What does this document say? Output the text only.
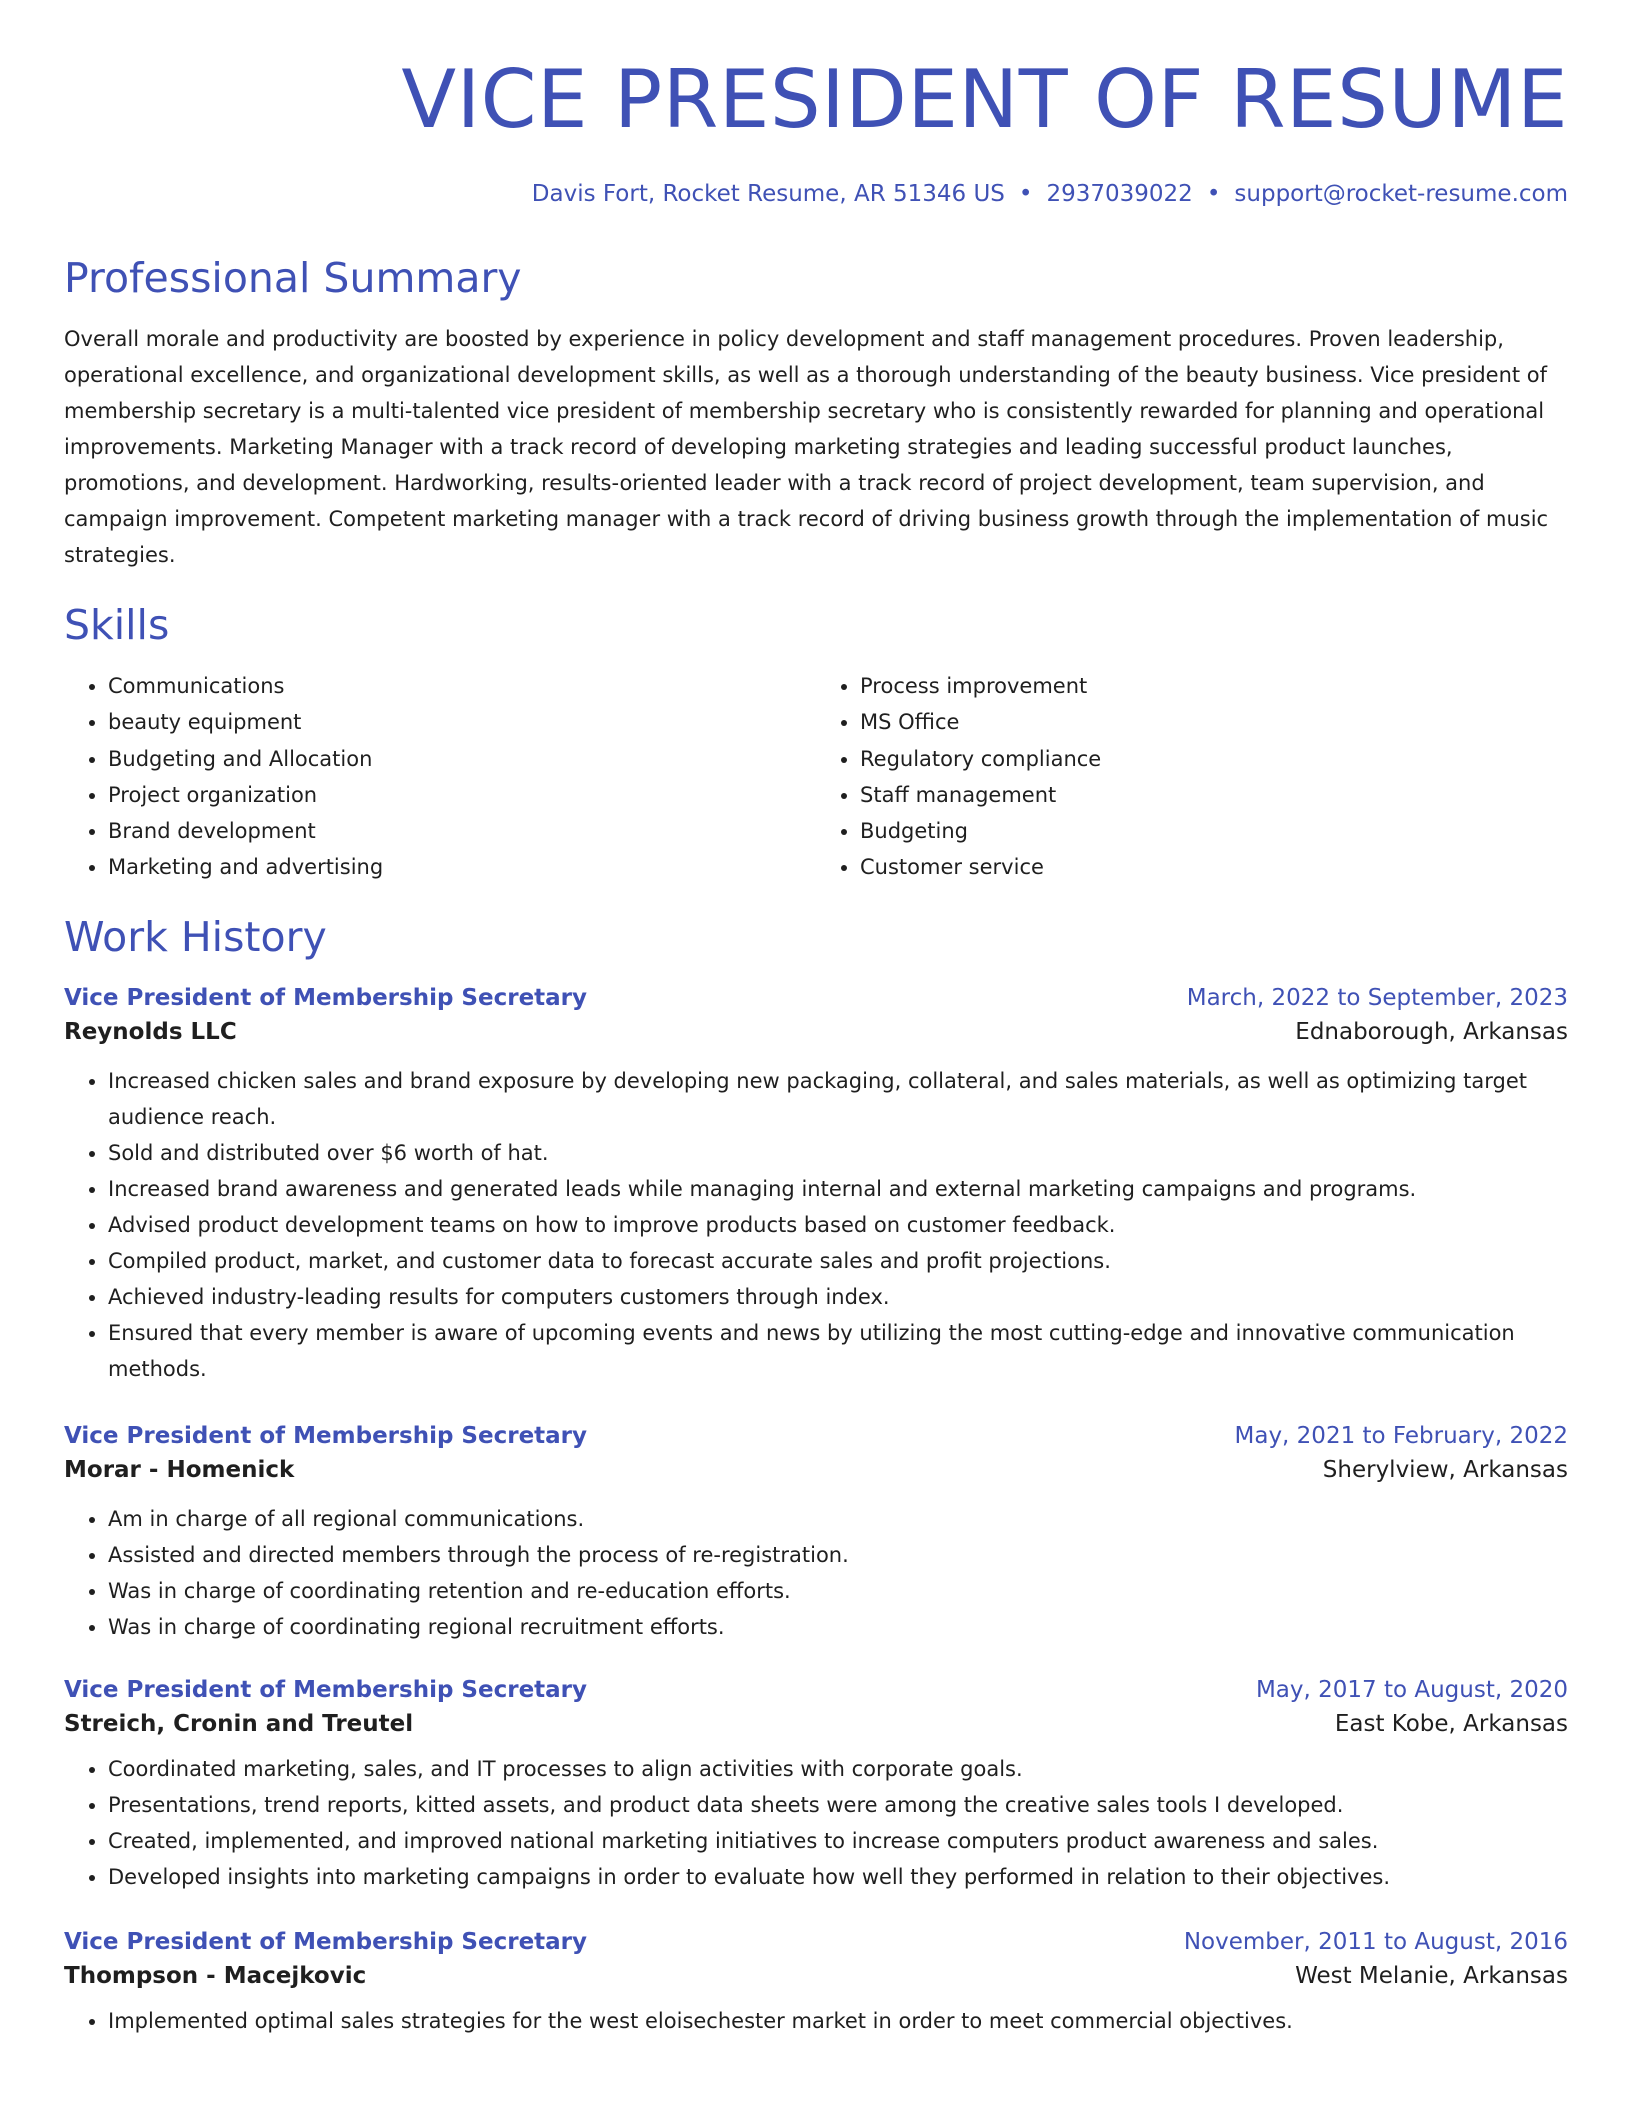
VICE PRESIDENT OF RESUME
Davis Fort, Rocket Resume, AR 51346 US • 2937039022 • support@rocket-resume.com
Professional Summary

Overall morale and productivity are boosted by experience in policy development and staff management procedures. Proven leadership, operational excellence, and organizational development skills, as well as a thorough understanding of the beauty business. Vice president of membership secretary is a multi-talented vice president of membership secretary who is consistently rewarded for planning and operational improvements. Marketing Manager with a track record of developing marketing strategies and leading successful product launches, promotions, and development. Hardworking, results-oriented leader with a track record of project development, team supervision, and campaign improvement. Competent marketing manager with a track record of driving business growth through the implementation of music strategies.

Skills
• Communications
• beauty equipment
• Budgeting and Allocation
• Project organization
• Brand development
• Marketing and advertising
• Process improvement
• MS Office
• Regulatory compliance
• Staff management
• Budgeting
• Customer service
Work History
Vice President of Membership Secretary	March, 2022 to September, 2023
Reynolds LLC	Ednaborough, Arkansas
• Increased chicken sales and brand exposure by developing new packaging, collateral, and sales materials, as well as optimizing target audience reach.
• Sold and distributed over $6 worth of hat.
• Increased brand awareness and generated leads while managing internal and external marketing campaigns and programs.
• Advised product development teams on how to improve products based on customer feedback.
• Compiled product, market, and customer data to forecast accurate sales and profit projections.
• Achieved industry-leading results for computers customers through index.
• Ensured that every member is aware of upcoming events and news by utilizing the most cutting-edge and innovative communication methods.
Vice President of Membership Secretary	May, 2021 to February, 2022
Morar - Homenick	Sherylview, Arkansas
• Am in charge of all regional communications.
• Assisted and directed members through the process of re-registration.
• Was in charge of coordinating retention and re-education efforts.
• Was in charge of coordinating regional recruitment efforts.
Vice President of Membership Secretary	May, 2017 to August, 2020
Streich, Cronin and Treutel	East Kobe, Arkansas
• Coordinated marketing, sales, and IT processes to align activities with corporate goals.
• Presentations, trend reports, kitted assets, and product data sheets were among the creative sales tools I developed.
• Created, implemented, and improved national marketing initiatives to increase computers product awareness and sales.
• Developed insights into marketing campaigns in order to evaluate how well they performed in relation to their objectives.
Vice President of Membership Secretary	November, 2011 to August, 2016
Thompson - Macejkovic	West Melanie, Arkansas
• Implemented optimal sales strategies for the west eloisechester market in order to meet commercial objectives.
